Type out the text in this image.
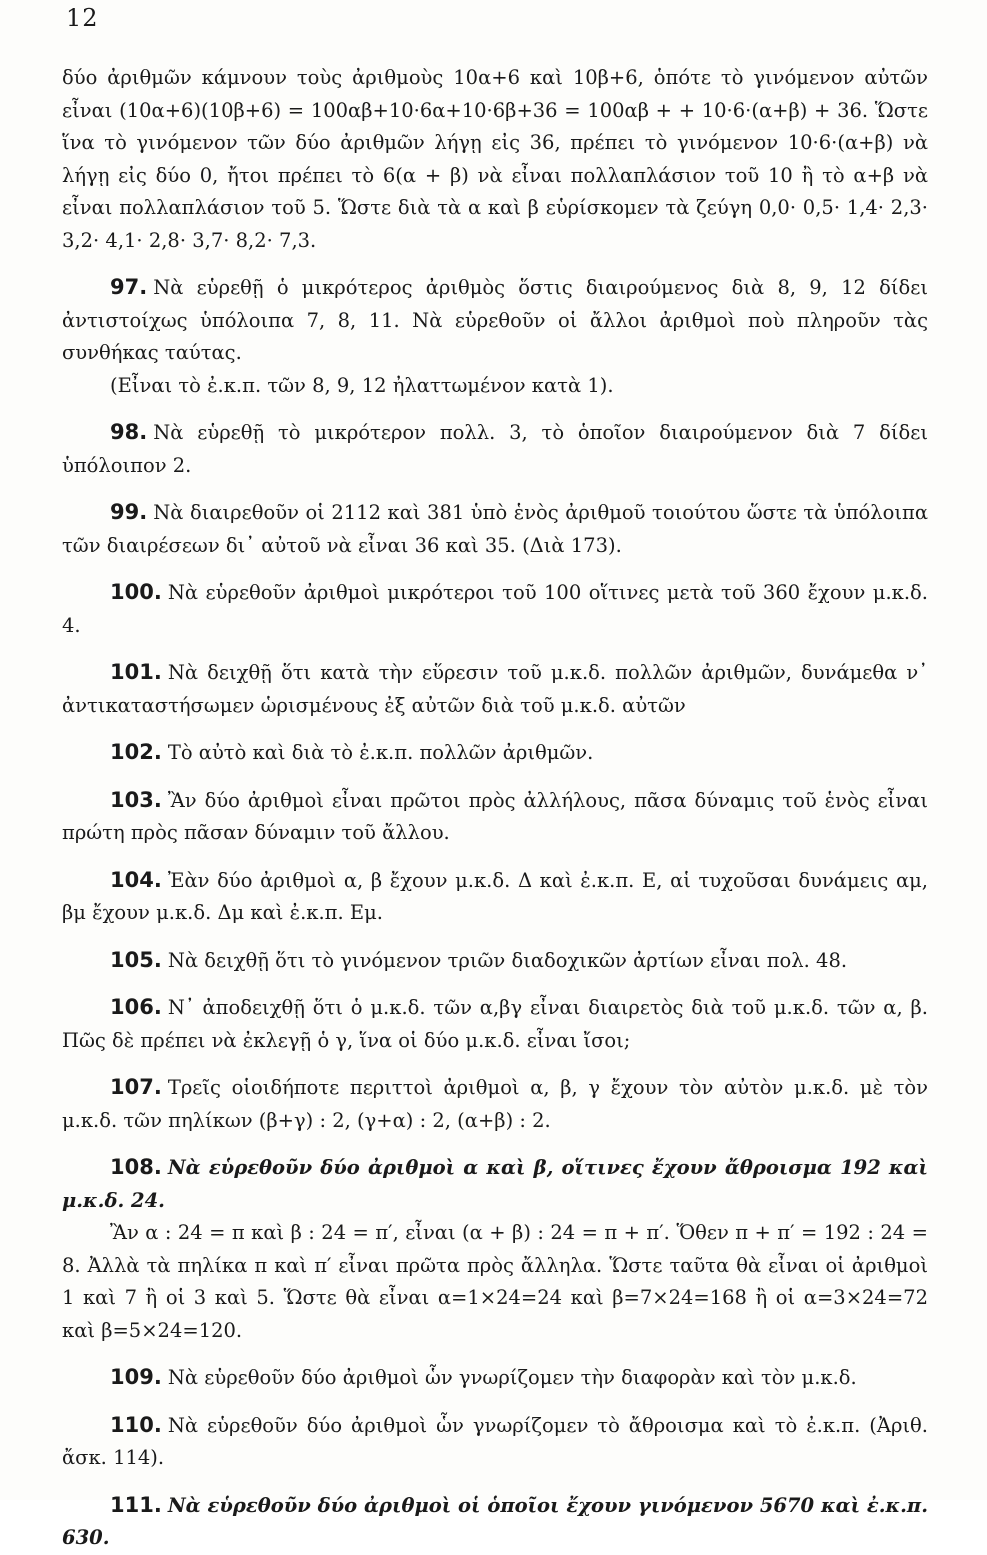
12

δύο ἀριθμῶν κάμνουν τοὺς ἀριθμοὺς 10α+6 καὶ 10β+6, ὁπότε τὸ γινόμενον αὐτῶν εἶναι (10α+6)(10β+6) = 100αβ+10·6α+10·6β+36 = 100αβ + + 10·6·(α+β) + 36. Ὥστε ἵνα τὸ γινόμενον τῶν δύο ἀριθμῶν λήγῃ εἰς 36, πρέπει τὸ γινόμενον 10·6·(α+β) νὰ λήγῃ εἰς δύο 0, ἤτοι πρέπει τὸ 6(α + β) νὰ εἶναι πολλαπλάσιον τοῦ 10 ἢ τὸ α+β νὰ εἶναι πολλαπλάσιον τοῦ 5. Ὥστε διὰ τὰ α καὶ β εὑρίσκομεν τὰ ζεύγη 0,0· 0,5· 1,4· 2,3· 3,2· 4,1· 2,8· 3,7· 8,2· 7,3.

97. Νὰ εὑρεθῇ ὁ μικρότερος ἀριθμὸς ὅστις διαιρούμενος διὰ 8, 9, 12 δίδει ἀντιστοίχως ὑπόλοιπα 7, 8, 11. Νὰ εὑρεθοῦν οἱ ἄλλοι ἀριθμοὶ ποὺ πληροῦν τὰς συνθήκας ταύτας.

(Εἶναι τὸ ἐ.κ.π. τῶν 8, 9, 12 ἠλαττωμένον κατὰ 1).

98. Νὰ εὑρεθῇ τὸ μικρότερον πολλ. 3, τὸ ὁποῖον διαιρούμενον διὰ 7 δίδει ὑπόλοιπον 2.

99. Νὰ διαιρεθοῦν οἱ 2112 καὶ 381 ὑπὸ ἑνὸς ἀριθμοῦ τοιούτου ὥστε τὰ ὑπόλοιπα τῶν διαιρέσεων δι᾽ αὐτοῦ νὰ εἶναι 36 καὶ 35. (Διὰ 173).

100. Νὰ εὑρεθοῦν ἀριθμοὶ μικρότεροι τοῦ 100 οἵτινες μετὰ τοῦ 360 ἔχουν μ.κ.δ. 4.

101. Νὰ δειχθῇ ὅτι κατὰ τὴν εὕρεσιν τοῦ μ.κ.δ. πολλῶν ἀριθμῶν, δυνάμεθα ν᾽ ἀντικαταστήσωμεν ὡρισμένους ἐξ αὐτῶν διὰ τοῦ μ.κ.δ. αὐτῶν

102. Τὸ αὐτὸ καὶ διὰ τὸ ἐ.κ.π. πολλῶν ἀριθμῶν.

103. Ἂν δύο ἀριθμοὶ εἶναι πρῶτοι πρὸς ἀλλήλους, πᾶσα δύναμις τοῦ ἑνὸς εἶναι πρώτη πρὸς πᾶσαν δύναμιν τοῦ ἄλλου.

104. Ἐὰν δύο ἀριθμοὶ α, β ἔχουν μ.κ.δ. Δ καὶ ἐ.κ.π. Ε, αἱ τυχοῦσαι δυνάμεις αμ, βμ ἔχουν μ.κ.δ. Δμ καὶ ἐ.κ.π. Εμ.

105. Νὰ δειχθῇ ὅτι τὸ γινόμενον τριῶν διαδοχικῶν ἀρτίων εἶναι πολ. 48.

106. Ν᾽ ἀποδειχθῇ ὅτι ὁ μ.κ.δ. τῶν α,βγ εἶναι διαιρετὸς διὰ τοῦ μ.κ.δ. τῶν α, β. Πῶς δὲ πρέπει νὰ ἐκλεγῇ ὁ γ, ἵνα οἱ δύο μ.κ.δ. εἶναι ἴσοι;

107. Τρεῖς οἱοιδήποτε περιττοὶ ἀριθμοὶ α, β, γ ἔχουν τὸν αὐτὸν μ.κ.δ. μὲ τὸν μ.κ.δ. τῶν πηλίκων (β+γ) : 2, (γ+α) : 2, (α+β) : 2.

108. Νὰ εὑρεθοῦν δύο ἀριθμοὶ α καὶ β, οἵτινες ἔχουν ἄθροισμα 192 καὶ μ.κ.δ. 24.

Ἂν α : 24 = π καὶ β : 24 = π′, εἶναι (α + β) : 24 = π + π′. Ὅθεν π + π′ = 192 : 24 = 8. Ἀλλὰ τὰ πηλίκα π καὶ π′ εἶναι πρῶτα πρὸς ἄλληλα. Ὥστε ταῦτα θὰ εἶναι οἱ ἀριθμοὶ 1 καὶ 7 ἢ οἱ 3 καὶ 5. Ὥστε θὰ εἶναι α=1×24=24 καὶ β=7×24=168 ἢ οἱ α=3×24=72 καὶ β=5×24=120.

109. Νὰ εὑρεθοῦν δύο ἀριθμοὶ ὧν γνωρίζομεν τὴν διαφορὰν καὶ τὸν μ.κ.δ.

110. Νὰ εὑρεθοῦν δύο ἀριθμοὶ ὧν γνωρίζομεν τὸ ἄθροισμα καὶ τὸ ἐ.κ.π. (Ἀριθ. ἄσκ. 114).

111. Νὰ εὑρεθοῦν δύο ἀριθμοὶ οἱ ὁποῖοι ἔχουν γινόμενον 5670 καὶ ἐ.κ.π. 630.
